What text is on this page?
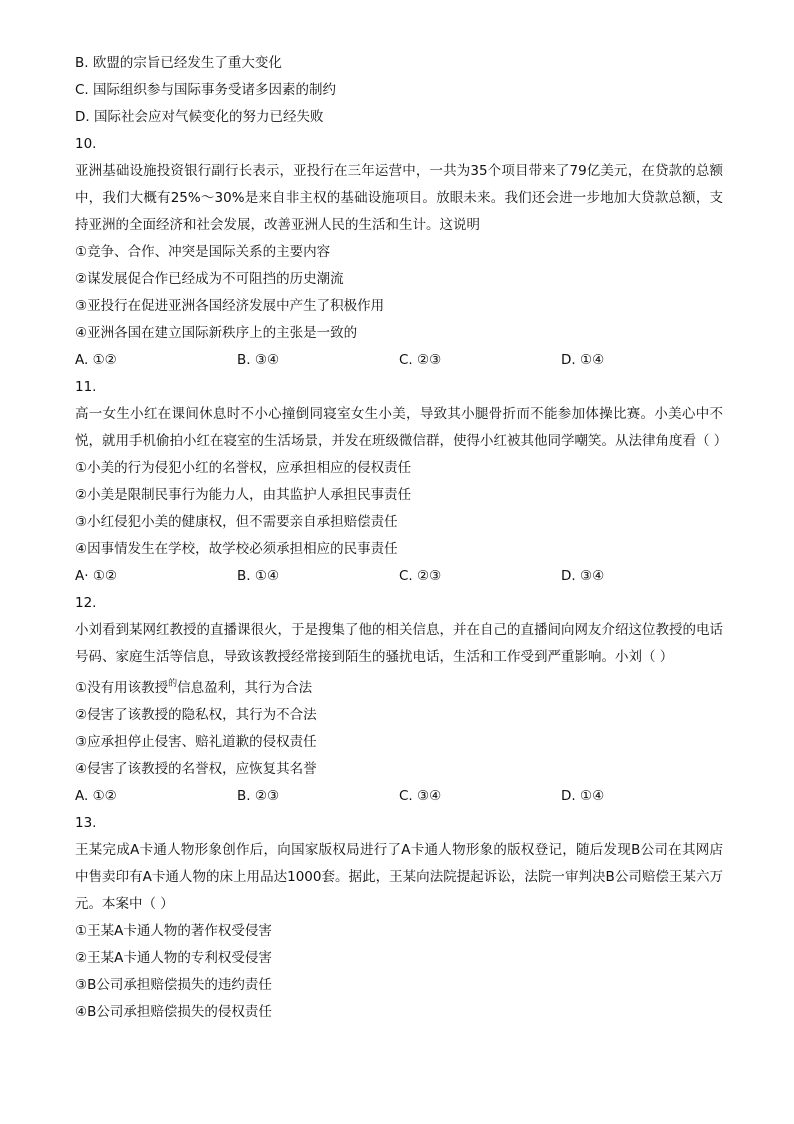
B. 欧盟的宗旨已经发生了重大变化

C. 国际组织参与国际事务受诸多因素的制约

D. 国际社会应对气候变化的努力已经失败

10.

亚洲基础设施投资银行副行长表示，亚投行在三年运营中，一共为35个项目带来了79亿美元，在贷款的总额中，我们大概有25%～30%是来自非主权的基础设施项目。放眼未来。我们还会进一步地加大贷款总额，支持亚洲的全面经济和社会发展，改善亚洲人民的生活和生计。这说明

①竞争、合作、冲突是国际关系的主要内容

②谋发展促合作已经成为不可阻挡的历史潮流

③亚投行在促进亚洲各国经济发展中产生了积极作用

④亚洲各国在建立国际新秩序上的主张是一致的

A. ①②	B. ③④	C. ②③	D. ①④

11.

高一女生小红在课间休息时不小心撞倒同寝室女生小美，导致其小腿骨折而不能参加体操比赛。小美心中不悦，就用手机偷拍小红在寝室的生活场景，并发在班级微信群，使得小红被其他同学嘲笑。从法律角度看（ ）

①小美的行为侵犯小红的名誉权，应承担相应的侵权责任

②小美是限制民事行为能力人，由其监护人承担民事责任

③小红侵犯小美的健康权，但不需要亲自承担赔偿责任

④因事情发生在学校，故学校必须承担相应的民事责任

A· ①②	B. ①④	C. ②③	D. ③④

12.

小刘看到某网红教授的直播课很火，于是搜集了他的相关信息，并在自己的直播间向网友介绍这位教授的电话号码、家庭生活等信息，导致该教授经常接到陌生的骚扰电话，生活和工作受到严重影响。小刘（ ）

①没有用该教授$^的$信息盈利，其行为合法

②侵害了该教授的隐私权，其行为不合法

③应承担停止侵害、赔礼道歉的侵权责任

④侵害了该教授的名誉权，应恢复其名誉

A. ①②	B. ②③	C. ③④	D. ①④

13.

王某完成A卡通人物形象创作后，向国家版权局进行了A卡通人物形象的版权登记，随后发现B公司在其网店中售卖印有A卡通人物的床上用品达1000套。据此，王某向法院提起诉讼，法院一审判决B公司赔偿王某六万元。本案中（ ）

①王某A卡通人物的著作权受侵害

②王某A卡通人物的专利权受侵害

③B公司承担赔偿损失的违约责任

④B公司承担赔偿损失的侵权责任
